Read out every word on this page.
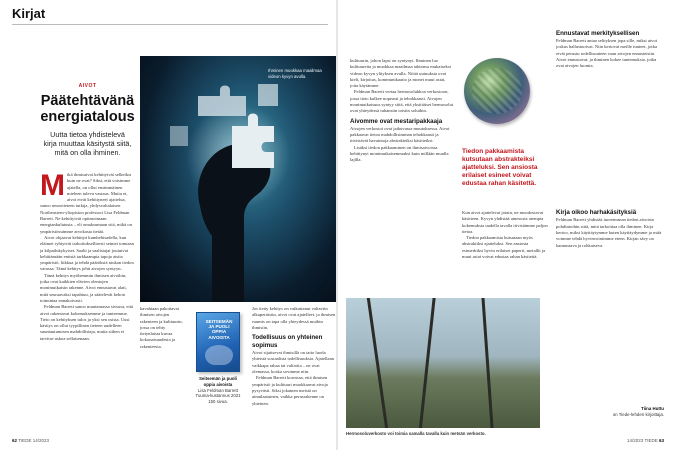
Kirjat
AIVOT
Päätehtävänä
energiatalous
Uutta tietoa yhdistelevä
kirja muuttaa käsitystä siitä,
mitä on olla ihminen.
Ihminen muokkaa maailmaa videon kyvyn avulla.
M ikä ihmisaivot kehittyivät selkeiksi kuin ne ovat? Siksi, että voisimme ajatella, on ollut ensimmäinen mieleen tuleva vastaus. Mutta ei, aivot eivät kehittyneet ajattelua, sanoo neurotieteen tutkija, yhdysvaltalaisen Northeastern-yliopiston professori Lisa Feldman Barrett. Ne kehittyivät optimoimaan energiankulutusta – eli omaksumaan sitä, mikä on ympäristössämme arvokasta tietää.

Aivot ohjaavat kehittyä kumbehisadella, kun eläimet ryhtyivät tarkoituksellisesti seiniet tomiaan ja kilpailukykyiset. Saalit ja saalistajat joutuivat kehittämään entistä tarkkaampia tapoja aistia ympäristö, liikkua ja tehdä päätöksiä niukan tiedon varassa. Tämä kehitys johti aivojen syntyyn.

Tämä kehitys myöhemmin ihmisen aivoihin, jotka ovat kaikkien elävien olentojen monimutkaisin rakenne. Aivot ennustavat alati, mitä seuraavaksi tapahtuu, ja säätelevät kehon toimintaa ennakoivasti.

Feldman Barrett sanoo muutamassa sivussa, että aivot rakentavat kokemuksemme ja tunteemme. Tieto on kehityksen tulos ja yksi sen osista. Uusi käsitys on ollut tyypillinen tieteen uudelleen suuntautumisen mahdollistaja, mutta siihen ei tarvitse uskoa sellaisenaan.

SEITSEMÄN
JA PUOLI
OPPIA
AIVOISTA
Seitsemän ja puoli
oppia aivoista
Lisa Feldman Barrett
Tuuma-kustannus 2021
150 sivua.

kavahtaan pakottavat ihmisen aivojen rakenteen ja kulttuurin, jossa on tehty tietynlaista kuvaa kokonaisuudesta ja rakenteesta.

Jos tietty kehitys on vaikuttanut valtaviin alkuperäisiin, aivot ovat ajatelleet, ja ihmisen ruumis on tapa olla yhteydessä muihin ihmisiin.

Todellisuus on yhteinen sopimus

Aivot sijaitsevat ihmisillä on taito luoda yhteisiä sosiaalisia todellisuuksia. Ajatellaan vaikkapa rahaa tai valtioita – ne ovat olemassa, koska sovimme niin.

Feldman Barrett korostaa, että ihmisen ympäristö ja kulttuuri muokkaavat aivoja pysyvästi. Siksi jokainen meistä on ainutlaatuinen, vaikka perusrakenne on yhteinen.

62 TIEDE 14/2023

kulttuurin, johon lapsi on syntynyt. Ihminen luo kulttuureita ja muokkaa maailmaa tahtonsa mukaiseksi videon kyvyn ylityksen avulla. Nöitä uutuuksia ovat kieli, kirjoitus, kommunikaatio ja monet muut asiat, joita käytämme.

Feldman Barrett vertaa hermosolukkoa verkostoon, jossa tieto kulkee nopeasti ja tehokkaasti. Aivojen monimutkaisuus syntyy siitä, että yksittäiset hermosolut ovat yhteydessä tuhansiin toisiin soluihin.

Aivomme ovat mestaripakkaaja

Aivojen verkostot ovat jatkuvassa muutoksessa. Aivot pakkaavat tietoa mahdollisimman tehokkaasti ja tiivistävät havaintoja abstrakteiksi käsitteiksi.

Lisäksi tiedon pakkaaminen on ihmisaivoissa kehittynyt monimutkaisemmaksi kuin millään muulla lajilla.

Tiedon pakkaamista
kutsutaan abstrakteiksi
ajatteluksi. Sen ansiosta
erilaiset esineet voivat
edustaa rahan käsitettä.

Kun aivot ajattelevat jotain, ne muodostavat käsitteen. Kyvyn yhdistää ainesosia aiempia kokemuksia uudella tavalla tiivistämme paljon tietoa.

Tiedon pakkaamista kutsutaan myös abstraktiksi ajatteluksi. Sen ansiosta esimerkiksi hyvin erilaiset paperit, metallit ja muut asiat voivat edustaa rahan käsitettä.

Ennustavat merkityksellisen

Feldman Barrett antaa selityksen jopa sille, miksi aivot joskus hallusinoivat. Niin kertovat meille tunteet, jotka eivät perustu todellisuuteen vaan aivojen ennusteisiin. Aivot ennustavat, ja ihminen kokee tuntemuksia, jotka ovat aivojen luomia.

Kirja oikoo harhakäsityksiä

Feldman Barrett yhdistää tuoreimman tiedon aivoista pohdintoihin siitä, mitä tarkoittaa olla ihminen. Kirja kertoo, miksi käyttäytymme kuten käyttäydymme ja mitä voimme tehdä hyvinvointimme eteen. Kirjan sävy on kannustava ja rohkaiseva.

Hermosoluverkosto voi toimia samalla tavalla kuin metsän verkosto.
Tiina Huttu
on Tiede-lehden kirjoittaja.
14/2023 TIEDE 63
